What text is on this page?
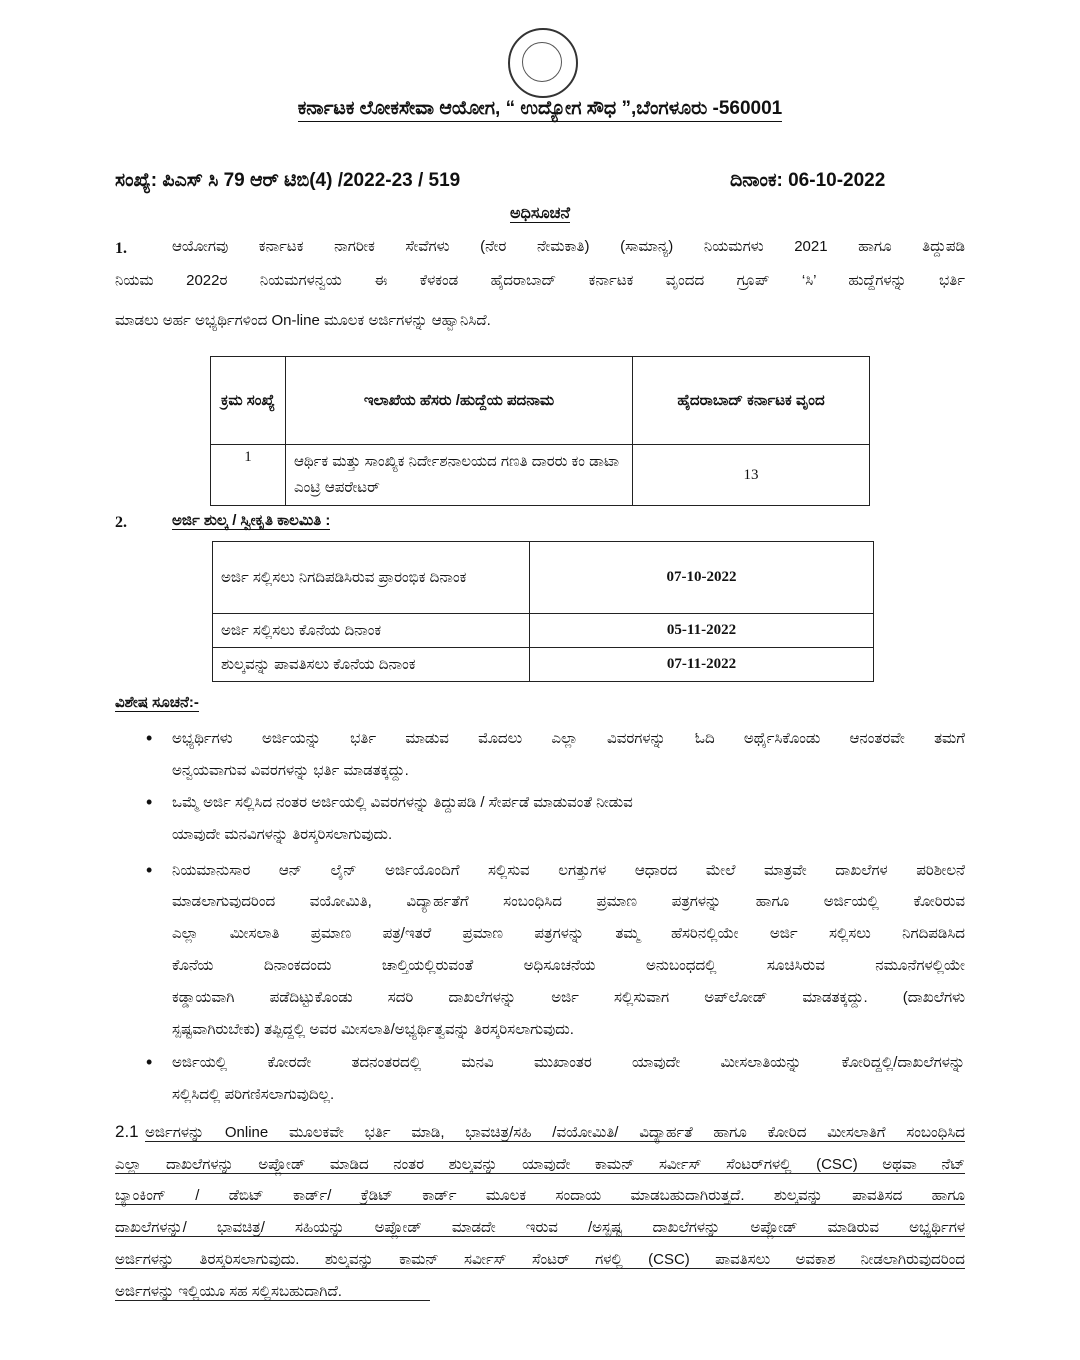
ಕರ್ನಾಟಕ ಲೋಕಸೇವಾ ಆಯೋಗ, “ ಉದ್ಯೋಗ ಸೌಧ ”,ಬೆಂಗಳೂರು -560001
ಸಂಖ್ಯೆ: ಪಿಎಸ್ ಸಿ 79 ಆರ್ ಟಿಬಿ(4) /2022-23 / 519	ದಿನಾಂಕ: 06-10-2022
ಅಧಿಸೂಚನೆ
1.	ಆಯೋಗವು ಕರ್ನಾಟಕ ನಾಗರೀಕ ಸೇವೆಗಳು (ನೇರ ನೇಮಕಾತಿ) (ಸಾಮಾನ್ಯ) ನಿಯಮಗಳು 2021 ಹಾಗೂ ತಿದ್ದುಪಡಿ
ನಿಯಮ 2022ರ ನಿಯಮಗಳನ್ವಯ ಈ ಕೆಳಕಂಡ ಹೈದರಾಬಾದ್ ಕರ್ನಾಟಕ ವೃಂದದ ಗ್ರೂಪ್ ‘ಸಿ’ ಹುದ್ದೆಗಳನ್ನು ಭರ್ತಿ
ಮಾಡಲು ಅರ್ಹ ಅಭ್ಯರ್ಥಿಗಳಿಂದ On-line ಮೂಲಕ ಅರ್ಜಿಗಳನ್ನು ಆಹ್ವಾನಿಸಿದೆ.
ಕ್ರಮ ಸಂಖ್ಯೆ	ಇಲಾಖೆಯ ಹೆಸರು /ಹುದ್ದೆಯ ಪದನಾಮ	ಹೈದರಾಬಾದ್ ಕರ್ನಾಟಕ ವೃಂದ
1	ಆರ್ಥಿಕ ಮತ್ತು ಸಾಂಖ್ಯಿಕ ನಿರ್ದೇಶನಾಲಯದ ಗಣತಿ ದಾರರು ಕಂ ಡಾಟಾ ಎಂಟ್ರಿ ಆಪರೇಟರ್	13
2.	ಅರ್ಜಿ ಶುಲ್ಕ / ಸ್ವೀಕೃತಿ ಕಾಲಮಿತಿ :
ಅರ್ಜಿ ಸಲ್ಲಿಸಲು ನಿಗದಿಪಡಿಸಿರುವ ಪ್ರಾರಂಭಿಕ ದಿನಾಂಕ	07-10-2022
ಅರ್ಜಿ ಸಲ್ಲಿಸಲು ಕೊನೆಯ ದಿನಾಂಕ	05-11-2022
ಶುಲ್ಕವನ್ನು ಪಾವತಿಸಲು ಕೊನೆಯ ದಿನಾಂಕ	07-11-2022
ವಿಶೇಷ ಸೂಚನೆ:-
• ಅಭ್ಯರ್ಥಿಗಳು ಅರ್ಜಿಯನ್ನು ಭರ್ತಿ ಮಾಡುವ ಮೊದಲು ಎಲ್ಲಾ ವಿವರಗಳನ್ನು ಓದಿ ಅರ್ಥೈಸಿಕೊಂಡು ಆನಂತರವೇ ತಮಗೆ
ಅನ್ವಯವಾಗುವ ವಿವರಗಳನ್ನು ಭರ್ತಿ ಮಾಡತಕ್ಕದ್ದು.
• ಒಮ್ಮೆ ಅರ್ಜಿ ಸಲ್ಲಿಸಿದ ನಂತರ ಅರ್ಜಿಯಲ್ಲಿ ವಿವರಗಳನ್ನು ತಿದ್ದುಪಡಿ / ಸೇರ್ಪಡೆ ಮಾಡುವಂತೆ ನೀಡುವ
ಯಾವುದೇ ಮನವಿಗಳನ್ನು ತಿರಸ್ಕರಿಸಲಾಗುವುದು.
• ನಿಯಮಾನುಸಾರ ಆನ್ ಲೈನ್ ಅರ್ಜಿಯೊಂದಿಗೆ ಸಲ್ಲಿಸುವ ಲಗತ್ತುಗಳ ಆಧಾರದ ಮೇಲೆ ಮಾತ್ರವೇ ದಾಖಲೆಗಳ ಪರಿಶೀಲನೆ
ಮಾಡಲಾಗುವುದರಿಂದ ವಯೋಮಿತಿ, ವಿದ್ಯಾರ್ಹತೆಗೆ ಸಂಬಂಧಿಸಿದ ಪ್ರಮಾಣ ಪತ್ರಗಳನ್ನು ಹಾಗೂ ಅರ್ಜಿಯಲ್ಲಿ ಕೋರಿರುವ
ಎಲ್ಲಾ ಮೀಸಲಾತಿ ಪ್ರಮಾಣ ಪತ್ರ/ಇತರೆ ಪ್ರಮಾಣ ಪತ್ರಗಳನ್ನು ತಮ್ಮ ಹೆಸರಿನಲ್ಲಿಯೇ ಅರ್ಜಿ ಸಲ್ಲಿಸಲು ನಿಗದಿಪಡಿಸಿದ
ಕೊನೆಯ ದಿನಾಂಕದಂದು ಚಾಲ್ತಿಯಲ್ಲಿರುವಂತೆ ಅಧಿಸೂಚನೆಯ ಅನುಬಂಧದಲ್ಲಿ ಸೂಚಿಸಿರುವ ನಮೂನೆಗಳಲ್ಲಿಯೇ
ಕಡ್ಡಾಯವಾಗಿ ಪಡೆದಿಟ್ಟುಕೊಂಡು ಸದರಿ ದಾಖಲೆಗಳನ್ನು ಅರ್ಜಿ ಸಲ್ಲಿಸುವಾಗ ಅಪ್‌ಲೋಡ್ ಮಾಡತಕ್ಕದ್ದು. (ದಾಖಲೆಗಳು
ಸ್ಪಷ್ಟವಾಗಿರುಬೇಕು) ತಪ್ಪಿದ್ದಲ್ಲಿ ಅವರ ಮೀಸಲಾತಿ/ಅಭ್ಯರ್ಥಿತ್ವವನ್ನು ತಿರಸ್ಕರಿಸಲಾಗುವುದು.
• ಅರ್ಜಿಯಲ್ಲಿ ಕೋರದೇ ತದನಂತರದಲ್ಲಿ ಮನವಿ ಮುಖಾಂತರ ಯಾವುದೇ ಮೀಸಲಾತಿಯನ್ನು ಕೋರಿದ್ದಲ್ಲಿ/ದಾಖಲೆಗಳನ್ನು
ಸಲ್ಲಿಸಿದಲ್ಲಿ ಪರಿಗಣಿಸಲಾಗುವುದಿಲ್ಲ.
2.1 ಅರ್ಜಿಗಳನ್ನು Online ಮೂಲಕವೇ ಭರ್ತಿ ಮಾಡಿ, ಭಾವಚಿತ್ರ/ಸಹಿ /ವಯೋಮಿತಿ/ ವಿದ್ಯಾರ್ಹತೆ ಹಾಗೂ ಕೋರಿದ ಮೀಸಲಾತಿಗೆ ಸಂಬಂಧಿಸಿದ
ಎಲ್ಲಾ ದಾಖಲೆಗಳನ್ನು ಅಪ್ಲೋಡ್ ಮಾಡಿದ ನಂತರ ಶುಲ್ಕವನ್ನು ಯಾವುದೇ ಕಾಮನ್ ಸರ್ವೀಸ್ ಸೆಂಟರ್‌ಗಳಲ್ಲಿ (CSC) ಅಥವಾ ನೆಟ್
ಬ್ಯಾಂಕಿಂಗ್ / ಡೆಬಿಟ್ ಕಾರ್ಡ್/ ಕ್ರೆಡಿಟ್ ಕಾರ್ಡ್ ಮೂಲಕ ಸಂದಾಯ ಮಾಡಬಹುದಾಗಿರುತ್ತದೆ. ಶುಲ್ಕವನ್ನು ಪಾವತಿಸದ ಹಾಗೂ
ದಾಖಲೆಗಳನ್ನು/ ಭಾವಚಿತ್ರ/ ಸಹಿಯನ್ನು ಅಪ್ಲೋಡ್ ಮಾಡದೇ ಇರುವ /ಅಸ್ಪಷ್ಟ ದಾಖಲೆಗಳನ್ನು ಅಪ್ಲೋಡ್ ಮಾಡಿರುವ ಅಭ್ಯರ್ಥಿಗಳ
ಅರ್ಜಿಗಳನ್ನು ತಿರಸ್ಕರಿಸಲಾಗುವುದು. ಶುಲ್ಕವನ್ನು ಕಾಮನ್ ಸರ್ವೀಸ್ ಸೆಂಟರ್ ಗಳಲ್ಲಿ (CSC) ಪಾವತಿಸಲು ಅವಕಾಶ ನೀಡಲಾಗಿರುವುದರಿಂದ
ಅರ್ಜಿಗಳನ್ನು ಇಲ್ಲಿಯೂ ಸಹ ಸಲ್ಲಿಸಬಹುದಾಗಿದೆ.
